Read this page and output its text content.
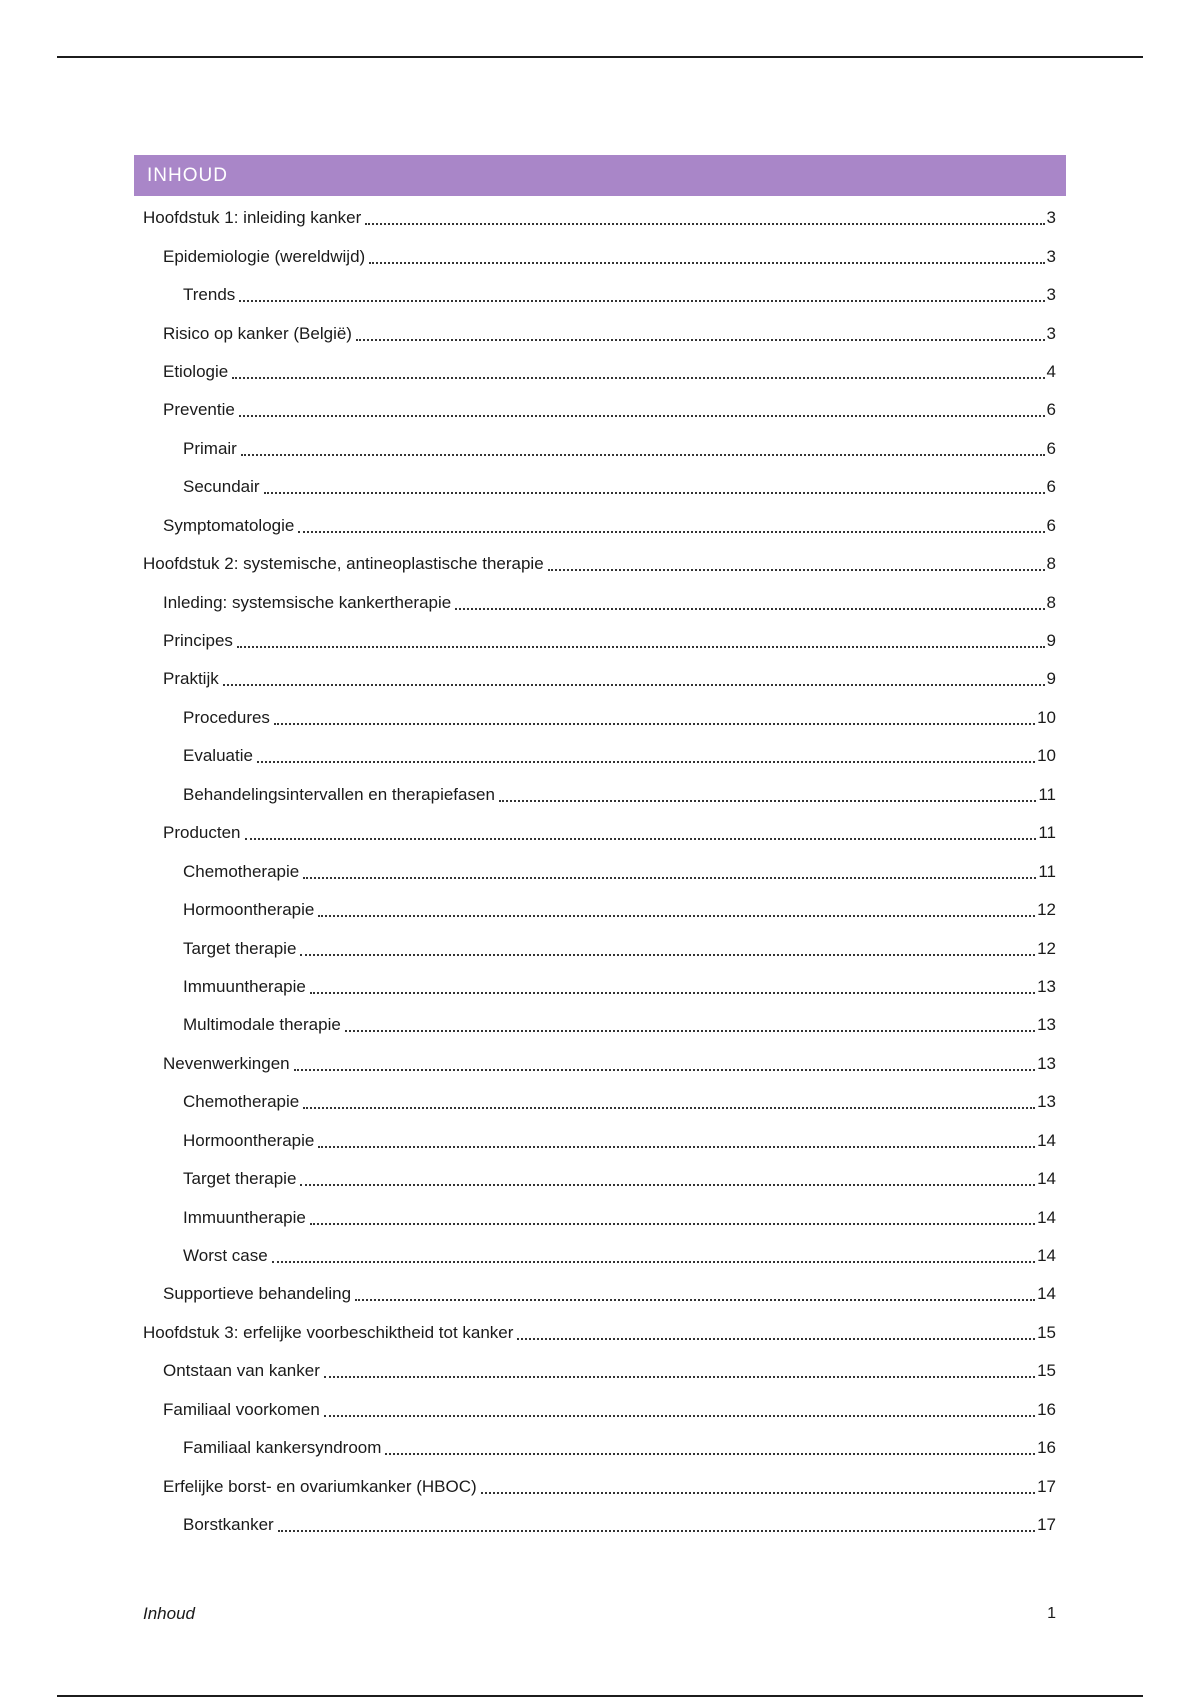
INHOUD
Hoofdstuk 1: inleiding kanker	3
Epidemiologie (wereldwijd)	3
Trends	3
Risico op kanker (België)	3
Etiologie	4
Preventie	6
Primair	6
Secundair	6
Symptomatologie	6
Hoofdstuk 2: systemische, antineoplastische therapie	8
Inleding: systemsische kankertherapie	8
Principes	9
Praktijk	9
Procedures	10
Evaluatie	10
Behandelingsintervallen en therapiefasen	11
Producten	11
Chemotherapie	11
Hormoontherapie	12
Target therapie	12
Immuuntherapie	13
Multimodale therapie	13
Nevenwerkingen	13
Chemotherapie	13
Hormoontherapie	14
Target therapie	14
Immuuntherapie	14
Worst case	14
Supportieve behandeling	14
Hoofdstuk 3: erfelijke voorbeschiktheid tot kanker	15
Ontstaan van kanker	15
Familiaal voorkomen	16
Familiaal kankersyndroom	16
Erfelijke borst- en ovariumkanker (HBOC)	17
Borstkanker	17
Inhoud	1
